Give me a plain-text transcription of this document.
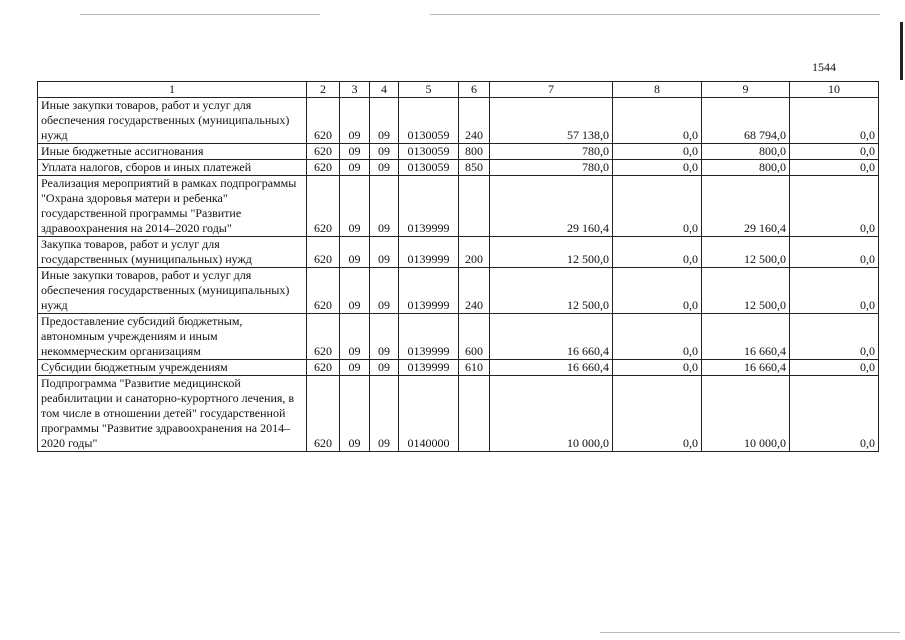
1544
1	2	3	4	5	6	7	8	9	10
Иные закупки товаров, работ и услуг для обеспечения государственных (муниципальных) нужд	620	09	09	0130059	240	57 138,0	0,0	68 794,0	0,0
Иные бюджетные ассигнования	620	09	09	0130059	800	780,0	0,0	800,0	0,0
Уплата налогов, сборов и иных платежей	620	09	09	0130059	850	780,0	0,0	800,0	0,0
Реализация мероприятий в рамках подпрограммы "Охрана здоровья матери и ребенка" государственной программы "Развитие здравоохранения на 2014–2020 годы"	620	09	09	0139999		29 160,4	0,0	29 160,4	0,0
Закупка товаров, работ и услуг для государственных (муниципальных) нужд	620	09	09	0139999	200	12 500,0	0,0	12 500,0	0,0
Иные закупки товаров, работ и услуг для обеспечения государственных (муниципальных) нужд	620	09	09	0139999	240	12 500,0	0,0	12 500,0	0,0
Предоставление субсидий бюджетным, автономным учреждениям и иным некоммерческим организациям	620	09	09	0139999	600	16 660,4	0,0	16 660,4	0,0
Субсидии бюджетным учреждениям	620	09	09	0139999	610	16 660,4	0,0	16 660,4	0,0
Подпрограмма "Развитие медицинской реабилитации и санаторно-курортного лечения, в том числе в отношении детей" государственной программы "Развитие здравоохранения на 2014–2020 годы"	620	09	09	0140000		10 000,0	0,0	10 000,0	0,0
